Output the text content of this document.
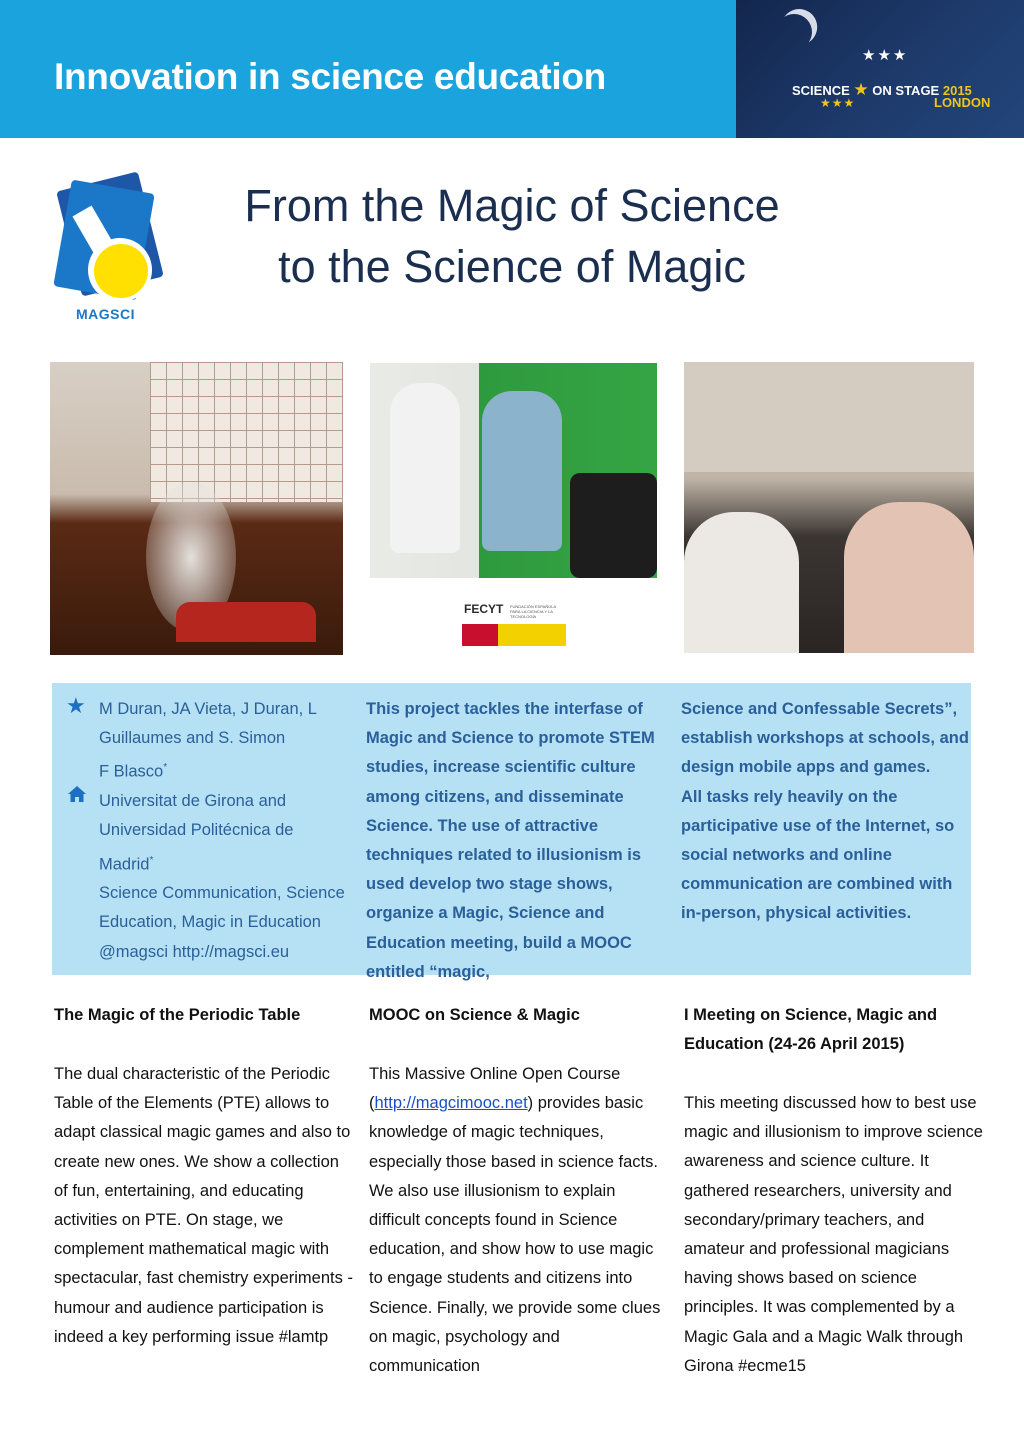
Innovation in science education
★★★
SCIENCE ★ ON STAGE 2015
★★★	LONDON
MAGSCI
From the Magic of Science
to the Science of Magic
FECYT FUNDACIÓN ESPAÑOLA PARA LA CIENCIA Y LA TECNOLOGÍA
★ M Duran, JA Vieta, J Duran, L
Guillaumes and S. Simon
F Blasco*
Universitat de Girona and
Universidad Politécnica de
Madrid*
Science Communication, Science
Education, Magic in Education
@magsci http://magsci.eu
This project tackles the interfase of Magic and Science to promote STEM studies, increase scientific culture among citizens, and disseminate Science. The use of attractive techniques related to illusionism is used develop two stage shows, organize a Magic, Science and Education meeting, build a MOOC entitled “magic,
Science and Confessable Secrets”, establish workshops at schools, and design mobile apps and games.
All tasks rely heavily on the participative use of the Internet, so social networks and online communication are combined with in-person, physical activities.
The Magic of the Periodic Table
The dual characteristic of the Periodic Table of the Elements (PTE) allows to adapt classical magic games and also to create new ones. We show a collection of fun, entertaining, and educating activities on PTE. On stage, we complement mathematical magic with spectacular, fast chemistry experiments - humour and audience participation is indeed a key performing issue #lamtp
MOOC on Science & Magic
This Massive Online Open Course (http://magcimooc.net) provides basic knowledge of magic techniques, especially those based in science facts. We also use illusionism to explain difficult concepts found in Science education, and show how to use magic to engage students and citizens into Science. Finally, we provide some clues on magic, psychology and communication
I Meeting on Science, Magic and Education (24-26 April 2015)
This meeting discussed how to best use magic and illusionism to improve science awareness and science culture. It gathered researchers, university and secondary/primary teachers, and amateur and professional magicians having shows based on science principles. It was complemented by a Magic Gala and a Magic Walk through Girona #ecme15
